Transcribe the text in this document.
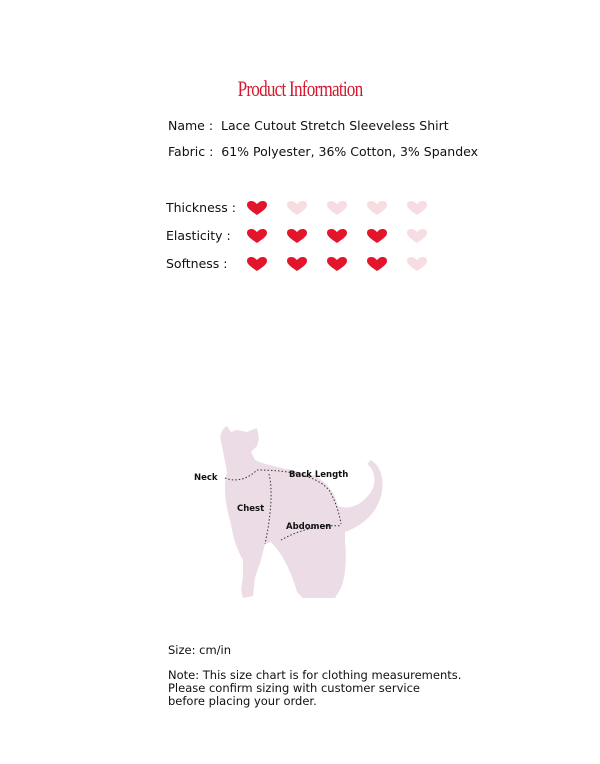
Product Information
Name : Lace Cutout Stretch Sleeveless Shirt
Fabric : 61% Polyester, 36% Cotton, 3% Spandex
Thickness :
Elasticity :
Softness :
Neck	Back Length
Chest
Abdomen
Size: cm/in
Note: This size chart is for clothing measurements.
Please confirm sizing with customer service
before placing your order.
